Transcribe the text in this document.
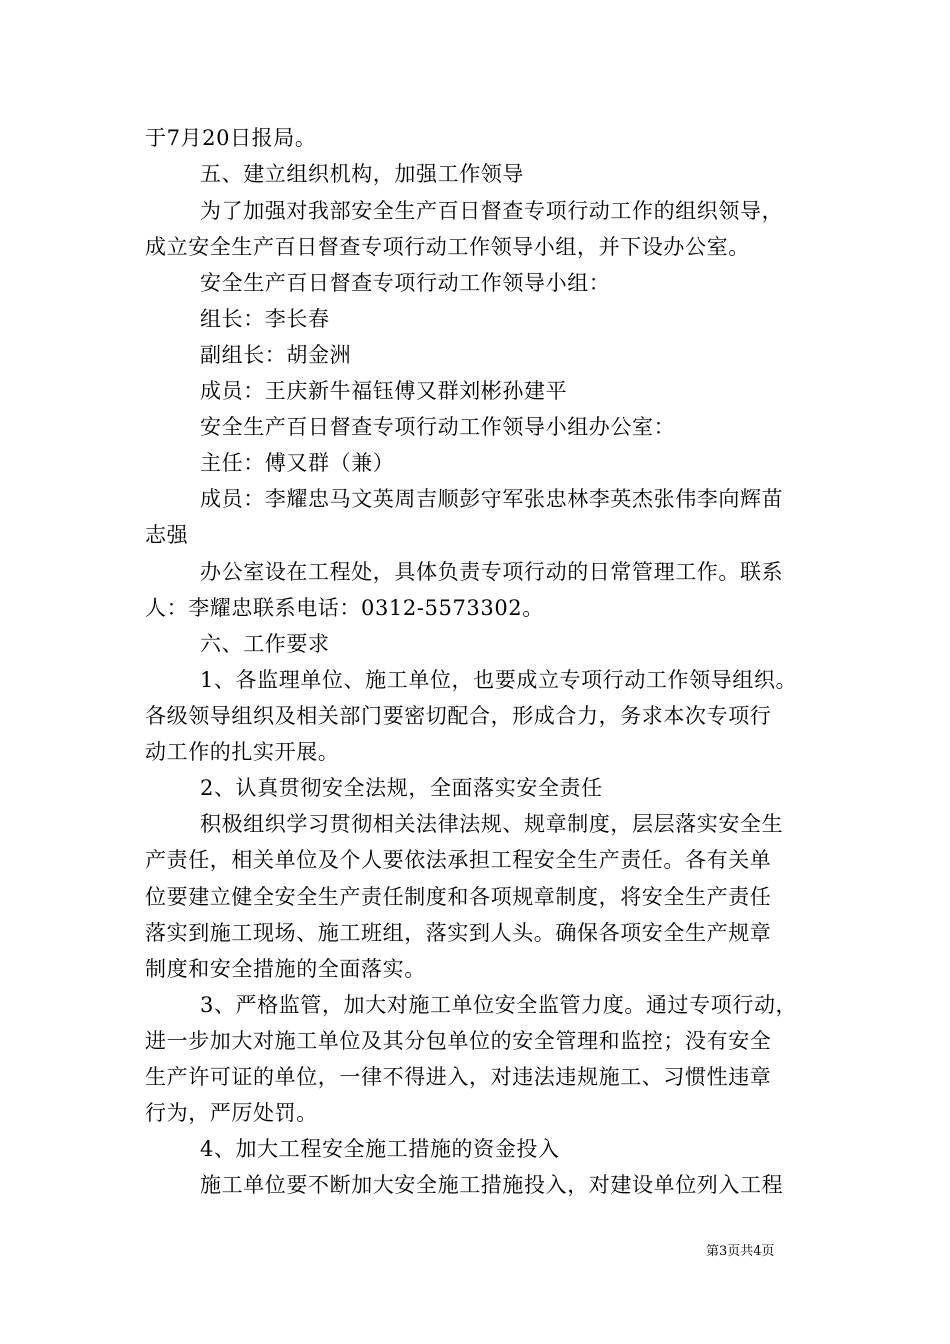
于7月20日报局。
五、建立组织机构，加强工作领导
为了加强对我部安全生产百日督查专项行动工作的组织领导，
成立安全生产百日督查专项行动工作领导小组，并下设办公室。
安全生产百日督查专项行动工作领导小组：
组长：李长春
副组长：胡金洲
成员：王庆新牛福钰傅又群刘彬孙建平
安全生产百日督查专项行动工作领导小组办公室：
主任：傅又群（兼）
成员：李耀忠马文英周吉顺彭守军张忠林李英杰张伟李向辉苗
志强
办公室设在工程处，具体负责专项行动的日常管理工作。联系
人：李耀忠联系电话：0312-5573302。
六、工作要求
1、各监理单位、施工单位，也要成立专项行动工作领导组织。
各级领导组织及相关部门要密切配合，形成合力，务求本次专项行
动工作的扎实开展。
2、认真贯彻安全法规，全面落实安全责任
积极组织学习贯彻相关法律法规、规章制度，层层落实安全生
产责任，相关单位及个人要依法承担工程安全生产责任。各有关单
位要建立健全安全生产责任制度和各项规章制度，将安全生产责任
落实到施工现场、施工班组，落实到人头。确保各项安全生产规章
制度和安全措施的全面落实。
3、严格监管，加大对施工单位安全监管力度。通过专项行动，
进一步加大对施工单位及其分包单位的安全管理和监控；没有安全
生产许可证的单位，一律不得进入，对违法违规施工、习惯性违章
行为，严厉处罚。
4、加大工程安全施工措施的资金投入
施工单位要不断加大安全施工措施投入，对建设单位列入工程
第3页共4页
